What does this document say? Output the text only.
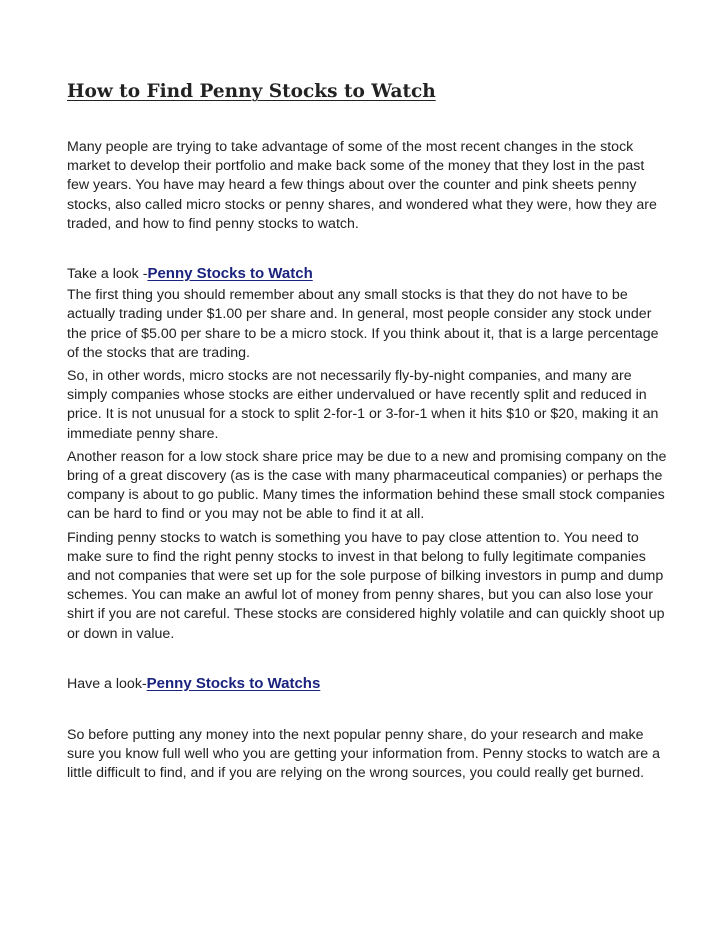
How to Find Penny Stocks to Watch

Many people are trying to take advantage of some of the most recent changes in the stock market to develop their portfolio and make back some of the money that they lost in the past few years. You have may heard a few things about over the counter and pink sheets penny stocks, also called micro stocks or penny shares, and wondered what they were, how they are traded, and how to find penny stocks to watch.

Take a look -Penny Stocks to Watch

The first thing you should remember about any small stocks is that they do not have to be actually trading under $1.00 per share and. In general, most people consider any stock under the price of $5.00 per share to be a micro stock. If you think about it, that is a large percentage of the stocks that are trading.

So, in other words, micro stocks are not necessarily fly-by-night companies, and many are simply companies whose stocks are either undervalued or have recently split and reduced in price. It is not unusual for a stock to split 2-for-1 or 3-for-1 when it hits $10 or $20, making it an immediate penny share.

Another reason for a low stock share price may be due to a new and promising company on the bring of a great discovery (as is the case with many pharmaceutical companies) or perhaps the company is about to go public. Many times the information behind these small stock companies can be hard to find or you may not be able to find it at all.

Finding penny stocks to watch is something you have to pay close attention to. You need to make sure to find the right penny stocks to invest in that belong to fully legitimate companies and not companies that were set up for the sole purpose of bilking investors in pump and dump schemes. You can make an awful lot of money from penny shares, but you can also lose your shirt if you are not careful. These stocks are considered highly volatile and can quickly shoot up or down in value.

Have a look-Penny Stocks to Watchs

So before putting any money into the next popular penny share, do your research and make sure you know full well who you are getting your information from. Penny stocks to watch are a little difficult to find, and if you are relying on the wrong sources, you could really get burned.
